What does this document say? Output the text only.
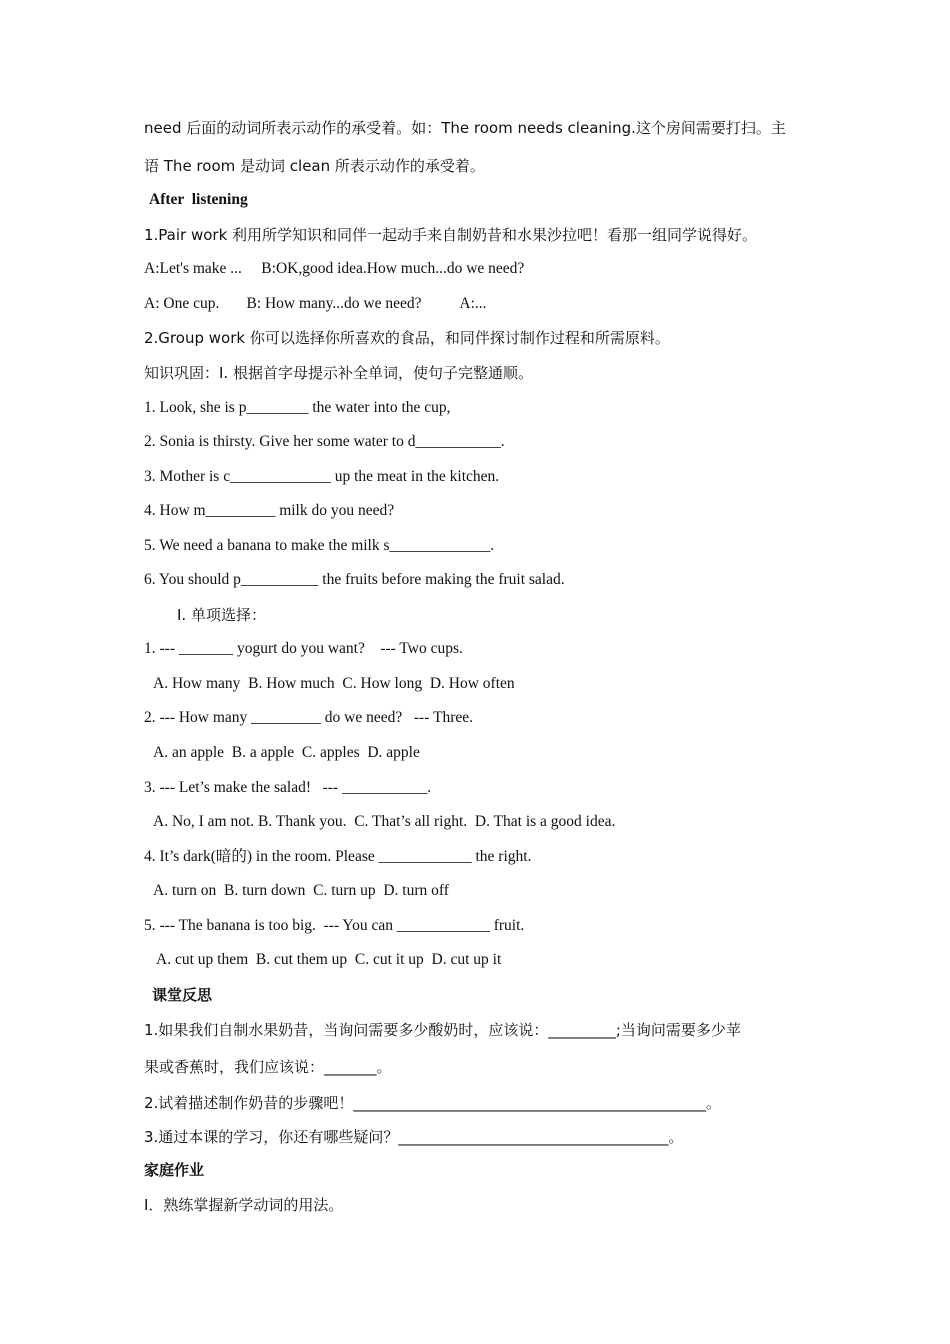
need 后面的动词所表示动作的承受着。如：The room needs cleaning.这个房间需要打扫。主
语 The room 是动词 clean 所表示动作的承受着。
After  listening
1.Pair work 利用所学知识和同伴一起动手来自制奶昔和水果沙拉吧！看那一组同学说得好。
A:Let's make ...     B:OK,good idea.How much...do we need?
A: One cup.       B: How many...do we need?          A:...
2.Group work 你可以选择你所喜欢的食品，和同伴探讨制作过程和所需原料。
知识巩固：I. 根据首字母提示补全单词，使句子完整通顺。
1. Look, she is p________ the water into the cup,
2. Sonia is thirsty. Give her some water to d___________.
3. Mother is c_____________ up the meat in the kitchen.
4. How m_________ milk do you need?
5. We need a banana to make the milk s_____________.
6. You should p__________ the fruits before making the fruit salad.
I. 单项选择：
1. --- _______ yogurt do you want?    --- Two cups.
A. How many  B. How much  C. How long  D. How often
2. --- How many _________ do we need?   --- Three.
A. an apple  B. a apple  C. apples  D. apple
3. --- Let’s make the salad!   --- ___________.
A. No, I am not. B. Thank you.  C. That’s all right.  D. That is a good idea.
4. It’s dark(暗的) in the room. Please ____________ the right.
A. turn on  B. turn down  C. turn up  D. turn off
5. --- The banana is too big.  --- You can ____________ fruit.
A. cut up them  B. cut them up  C. cut it up  D. cut up it
课堂反思
1.如果我们自制水果奶昔，当询问需要多少酸奶时，应该说：_________;当询问需要多少苹
果或香蕉时，我们应该说：_______。
2.试着描述制作奶昔的步骤吧！_______________________________________________。
3.通过本课的学习，你还有哪些疑问？____________________________________。
家庭作业
I．熟练掌握新学动词的用法。
